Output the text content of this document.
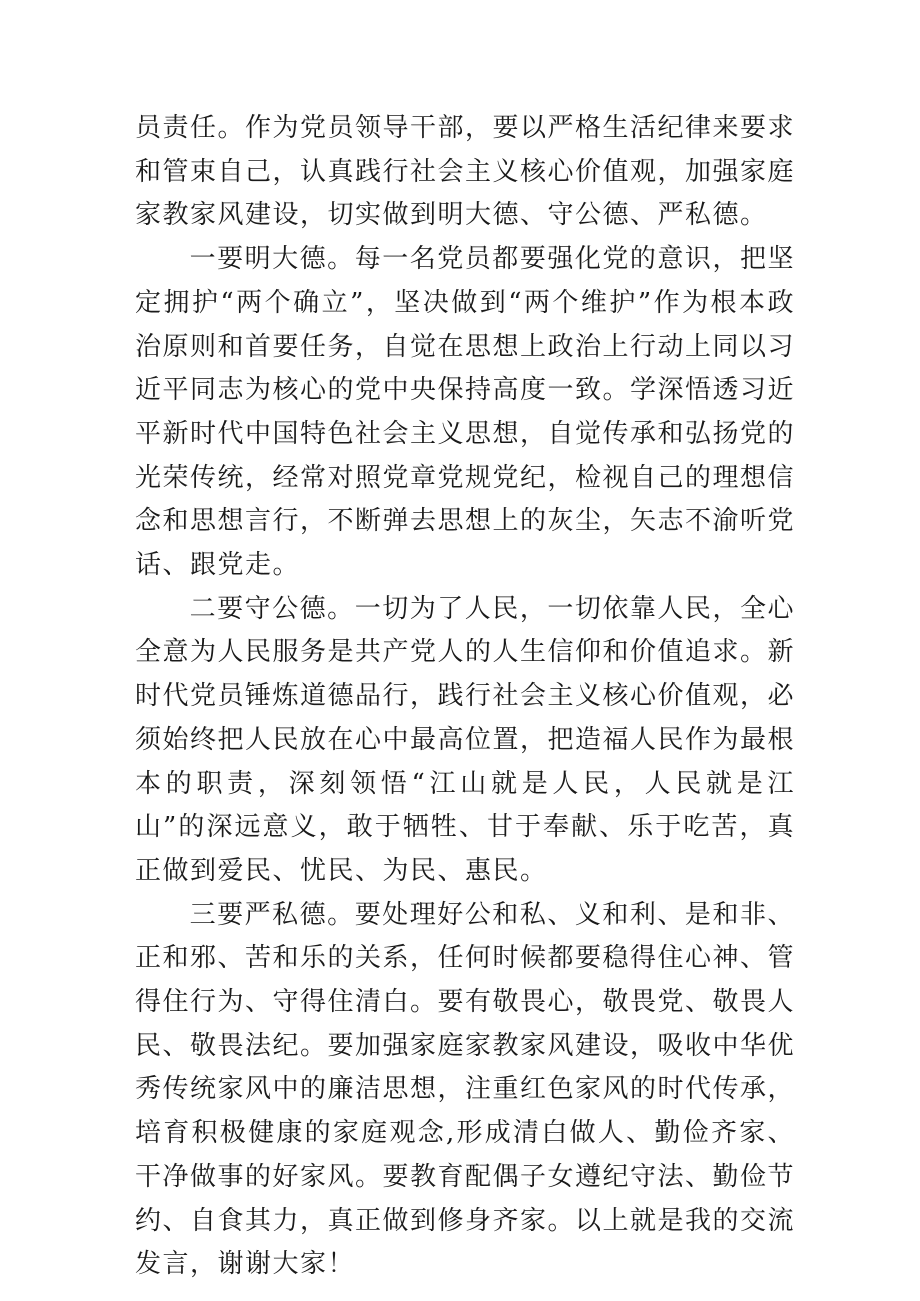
员责任。作为党员领导干部，要以严格生活纪律来要求和管束自己，认真践行社会主义核心价值观，加强家庭家教家风建设，切实做到明大德、守公德、严私德。

一要明大德。每一名党员都要强化党的意识，把坚定拥护“两个确立”，坚决做到“两个维护”作为根本政治原则和首要任务，自觉在思想上政治上行动上同以习近平同志为核心的党中央保持高度一致。学深悟透习近平新时代中国特色社会主义思想，自觉传承和弘扬党的光荣传统，经常对照党章党规党纪，检视自己的理想信念和思想言行，不断弹去思想上的灰尘，矢志不渝听党话、跟党走。

二要守公德。一切为了人民，一切依靠人民，全心全意为人民服务是共产党人的人生信仰和价值追求。新时代党员锤炼道德品行，践行社会主义核心价值观，必须始终把人民放在心中最高位置，把造福人民作为最根本的职责，深刻领悟“江山就是人民，人民就是江山”的深远意义，敢于牺牲、甘于奉献、乐于吃苦，真正做到爱民、忧民、为民、惠民。

三要严私德。要处理好公和私、义和利、是和非、正和邪、苦和乐的关系，任何时候都要稳得住心神、管得住行为、守得住清白。要有敬畏心，敬畏党、敬畏人民、敬畏法纪。要加强家庭家教家风建设，吸收中华优秀传统家风中的廉洁思想，注重红色家风的时代传承，培育积极健康的家庭观念,形成清白做人、勤俭齐家、干净做事的好家风。要教育配偶子女遵纪守法、勤俭节约、自食其力，真正做到修身齐家。以上就是我的交流发言，谢谢大家！
